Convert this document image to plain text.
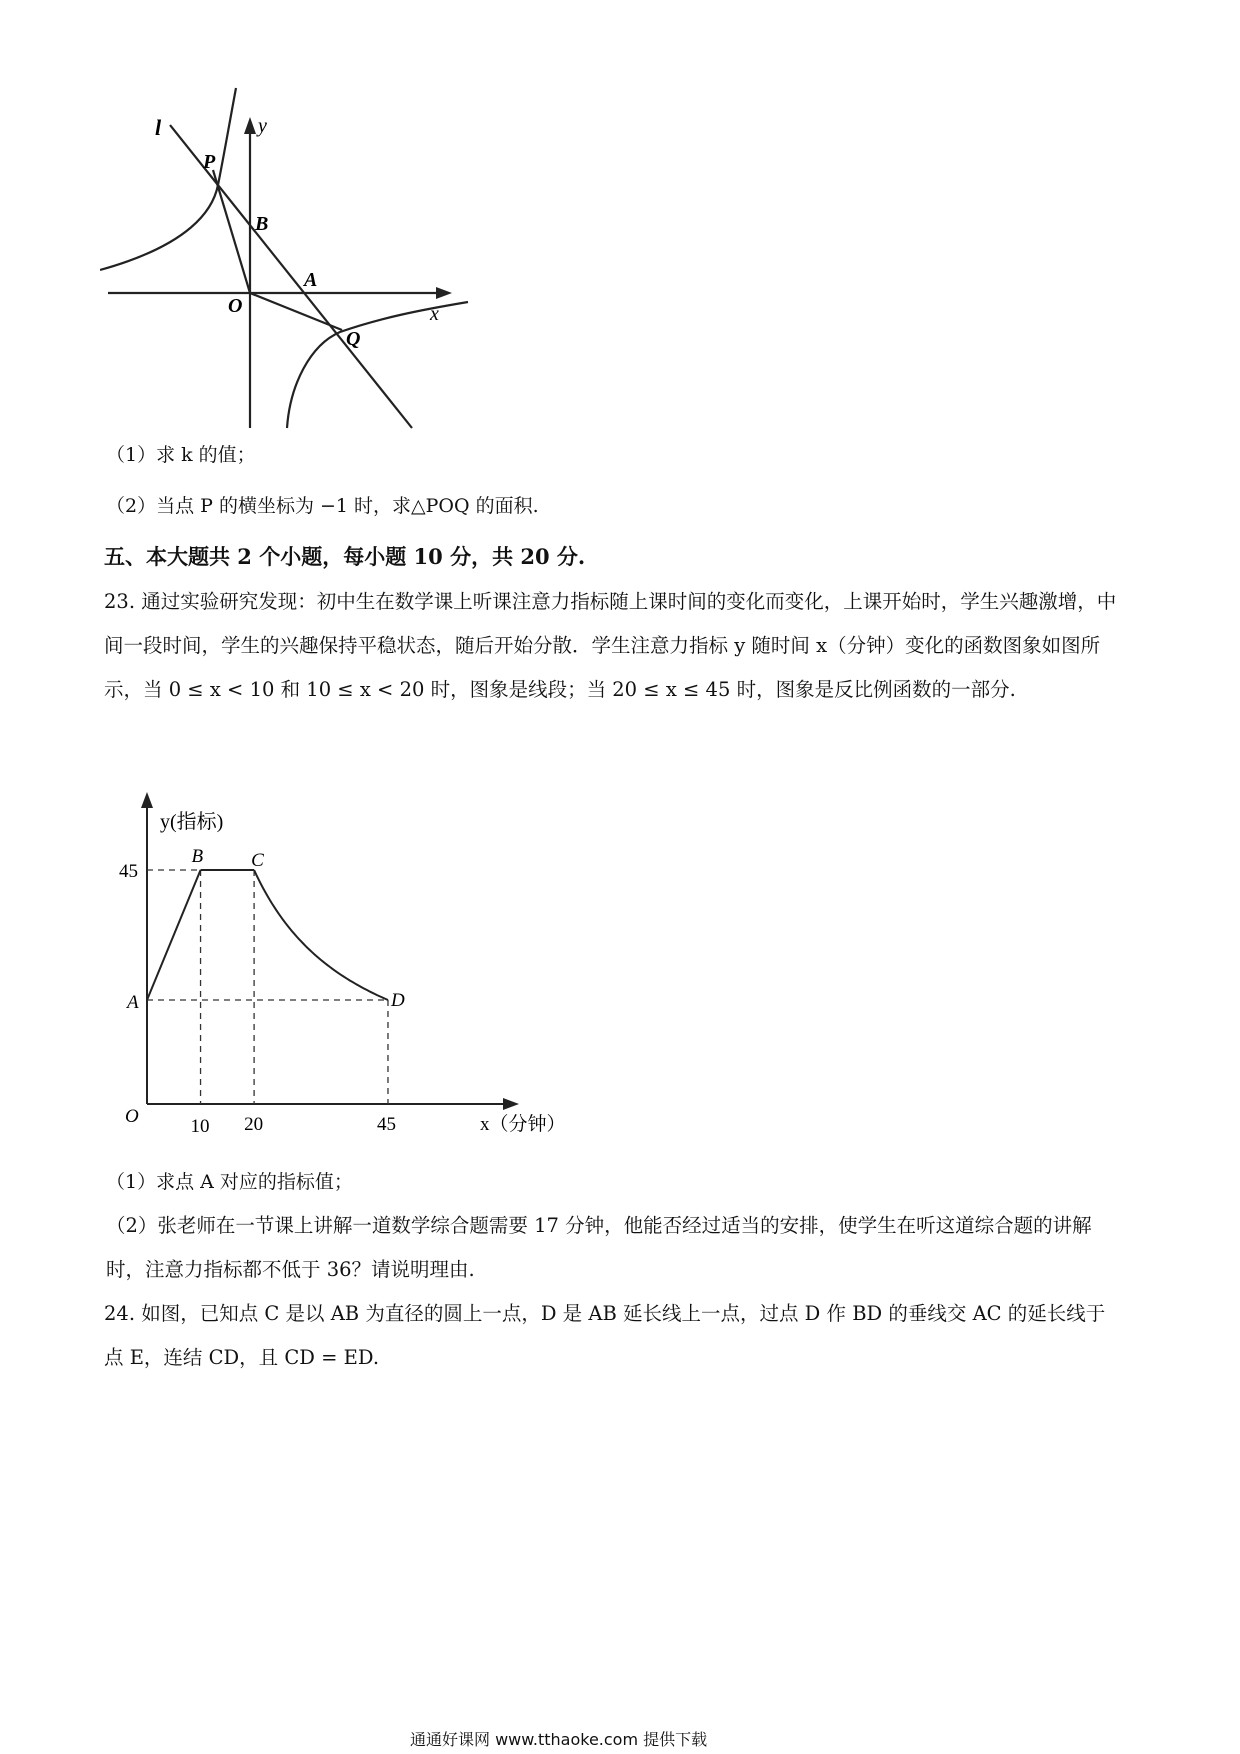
l	y
P
B
A
O	x
Q
（1）求 k 的值；
（2）当点 P 的横坐标为 −1 时，求△POQ 的面积.
五、本大题共 2 个小题，每小题 10 分，共 20 分.
23. 通过实验研究发现：初中生在数学课上听课注意力指标随上课时间的变化而变化，上课开始时，学生兴趣激增，中间一段时间，学生的兴趣保持平稳状态，随后开始分散．学生注意力指标 y 随时间 x（分钟）变化的函数图象如图所示，当 0 ≤ x < 10 和 10 ≤ x < 20 时，图象是线段；当 20 ≤ x ≤ 45 时，图象是反比例函数的一部分.
A
B	C
D
45
10 20	45
O
y(指标)
x（分钟）
（1）求点 A 对应的指标值；
（2）张老师在一节课上讲解一道数学综合题需要 17 分钟，他能否经过适当的安排，使学生在听这道综合题的讲解时，注意力指标都不低于 36？请说明理由.
24. 如图，已知点 C 是以 AB 为直径的圆上一点，D 是 AB 延长线上一点，过点 D 作 BD 的垂线交 AC 的延长线于点 E，连结 CD，且 CD = ED.
通通好课网 www.tthaoke.com 提供下载
